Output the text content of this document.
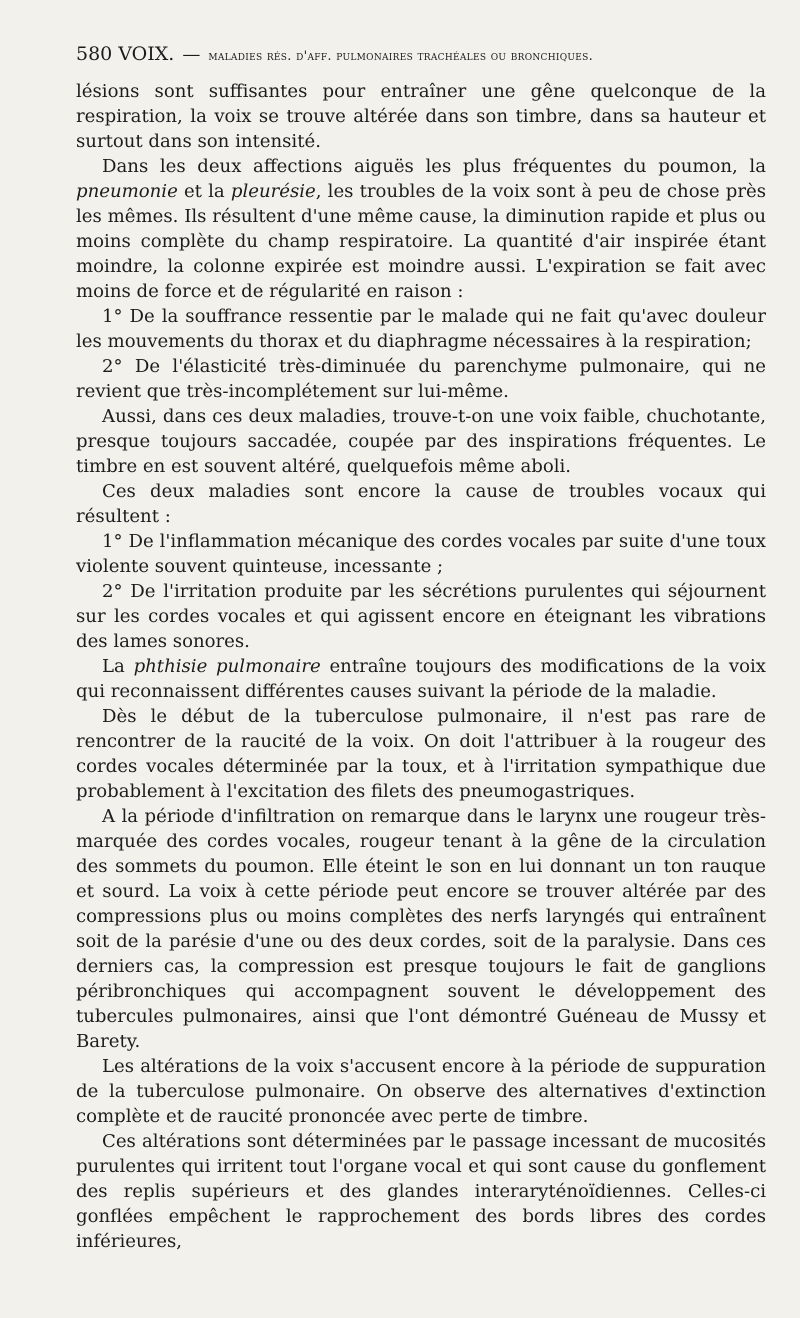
580 VOIX. — maladies rés. d'aff. pulmonaires trachéales ou bronchiques.

lésions sont suffisantes pour entraîner une gêne quelconque de la respiration, la voix se trouve altérée dans son timbre, dans sa hauteur et surtout dans son intensité.

Dans les deux affections aiguës les plus fréquentes du poumon, la pneumonie et la pleurésie, les troubles de la voix sont à peu de chose près les mêmes. Ils résultent d'une même cause, la diminution rapide et plus ou moins complète du champ respiratoire. La quantité d'air inspirée étant moindre, la colonne expirée est moindre aussi. L'expiration se fait avec moins de force et de régularité en raison :

1° De la souffrance ressentie par le malade qui ne fait qu'avec douleur les mouvements du thorax et du diaphragme nécessaires à la respiration;

2° De l'élasticité très-diminuée du parenchyme pulmonaire, qui ne revient que très-incomplétement sur lui-même.

Aussi, dans ces deux maladies, trouve-t-on une voix faible, chuchotante, presque toujours saccadée, coupée par des inspirations fréquentes. Le timbre en est souvent altéré, quelquefois même aboli.

Ces deux maladies sont encore la cause de troubles vocaux qui résultent :

1° De l'inflammation mécanique des cordes vocales par suite d'une toux violente souvent quinteuse, incessante ;

2° De l'irritation produite par les sécrétions purulentes qui séjournent sur les cordes vocales et qui agissent encore en éteignant les vibrations des lames sonores.

La phthisie pulmonaire entraîne toujours des modifications de la voix qui reconnaissent différentes causes suivant la période de la maladie.

Dès le début de la tuberculose pulmonaire, il n'est pas rare de rencontrer de la raucité de la voix. On doit l'attribuer à la rougeur des cordes vocales déterminée par la toux, et à l'irritation sympathique due probablement à l'excitation des filets des pneumogastriques.

A la période d'infiltration on remarque dans le larynx une rougeur très-marquée des cordes vocales, rougeur tenant à la gêne de la circulation des sommets du poumon. Elle éteint le son en lui donnant un ton rauque et sourd. La voix à cette période peut encore se trouver altérée par des compressions plus ou moins complètes des nerfs laryngés qui entraînent soit de la parésie d'une ou des deux cordes, soit de la paralysie. Dans ces derniers cas, la compression est presque toujours le fait de ganglions péribronchiques qui accompagnent souvent le développement des tubercules pulmonaires, ainsi que l'ont démontré Guéneau de Mussy et Barety.

Les altérations de la voix s'accusent encore à la période de suppuration de la tuberculose pulmonaire. On observe des alternatives d'extinction complète et de raucité prononcée avec perte de timbre.

Ces altérations sont déterminées par le passage incessant de mucosités purulentes qui irritent tout l'organe vocal et qui sont cause du gonflement des replis supérieurs et des glandes interaryténoïdiennes. Celles-ci gonflées empêchent le rapprochement des bords libres des cordes inférieures,
